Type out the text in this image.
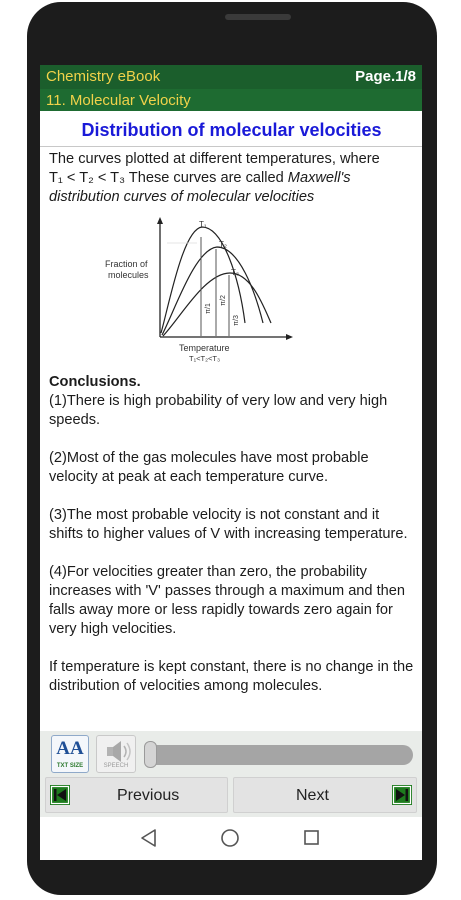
Chemistry eBook	Page.1/8
11. Molecular Velocity
Distribution of molecular velocities
The curves plotted at different temperatures, where
T₁ < T₂ < T₃ These curves are called Maxwell's distribution curves of molecular velocities
Fraction of
molecules
Temperature
T₁<T₂<T₃
T₁
T₂
T₃
π/1
π/2
π/3
Conclusions.
(1)There is high probability of very low and very high speeds.
(2)Most of the gas molecules have most probable velocity at peak at each temperature curve.
(3)The most probable velocity is not constant and it shifts to higher values of V with increasing temperature.
(4)For velocities greater than zero, the probability increases with 'V' passes through a maximum and then falls away more or less rapidly towards zero again for very high velocities.
If temperature is kept constant, there is no change in the distribution of velocities among molecules.
AA
TXT SIZE	SPEECH
Previous	Next
